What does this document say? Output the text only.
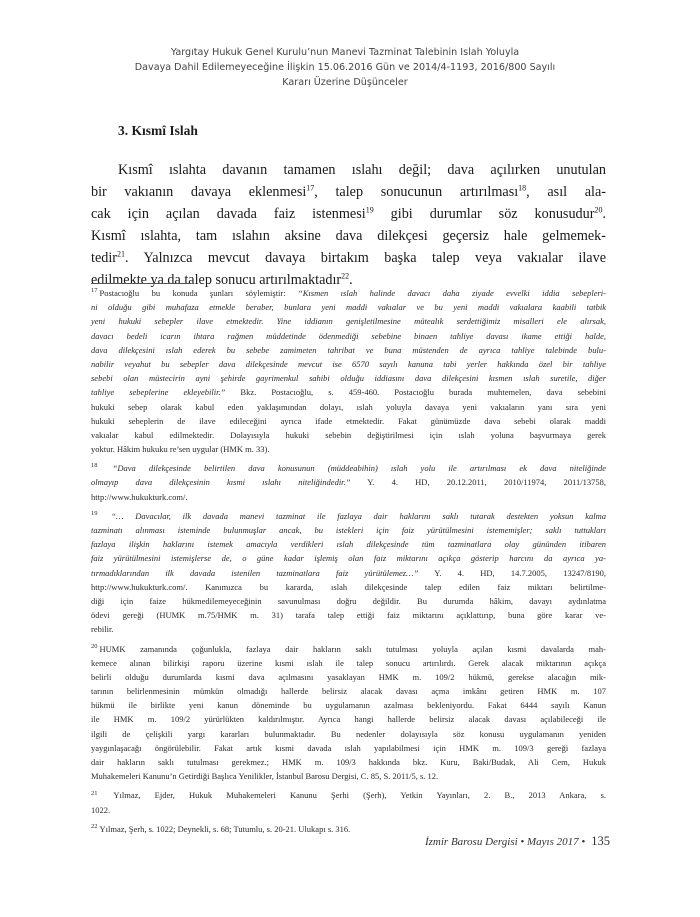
Yargıtay Hukuk Genel Kurulu’nun Manevi Tazminat Talebinin Islah Yoluyla
Davaya Dahil Edilemeyeceğine İlişkin 15.06.2016 Gün ve 2014/4-1193, 2016/800 Sayılı
Kararı Üzerine Düşünceler
3. Kısmî Islah
Kısmî ıslahta davanın tamamen ıslahı değil; dava açılırken unutulan
bir vakıanın davaya eklenmesi$^{17}$, talep sonucunun artırılması$^{18}$, asıl ala-
cak için açılan davada faiz istenmesi$^{19}$ gibi durumlar söz konusudur$^{20}$.
Kısmî ıslahta, tam ıslahın aksine dava dilekçesi geçersiz hale gelmemek-
tedir$^{21}$. Yalnızca mevcut davaya birtakım başka talep veya vakıalar ilave
edilmekte ya da talep sonucu artırılmaktadır$^{22}$.
$^{17}$ Postacıoğlu bu konuda şunları söylemiştir: “Kısmen ıslah halinde davacı daha ziyade evvelki iddia sebepleri-
ni olduğu gibi muhafaza etmekle beraber, bunlara yeni maddi vakıalar ve bu yeni maddi vakıalara kaabili tatbik
yeni hukuki sebepler ilave etmektedir. Yine iddianın genişletilmesine mütealık serdettiğimiz misalleri ele alırsak,
davacı bedeli icarın ihtara rağmen müddetinde ödenmediği sebebine binaen tahliye davası ikame ettiği halde,
dava dilekçesini ıslah ederek bu sebebe zamimeten tahribat ve buna müstenden de ayrıca tahliye talebinde bulu-
nabilir veyahut bu sebepler dava dilekçesinde mevcut ise 6570 sayılı kanuna tabi yerler hakkında özel bir tahliye
sebebi olan müstecirin ayni şehirde gayrimenkul sahibi olduğu iddiasını dava dilekçesini kısmen ıslah suretile, diğer
tahliye sebeplerine ekleyebilir.” Bkz. Postacıoğlu, s. 459-460. Postacıoğlu burada muhtemelen, dava sebebini
hukuki sebep olarak kabul eden yaklaşımından dolayı, ıslah yoluyla davaya yeni vakıaların yanı sıra yeni
hukuki sebeplerin de ilave edileceğini ayrıca ifade etmektedir. Fakat günümüzde dava sebebi olarak maddi
vakıalar kabul edilmektedir. Dolayısıyla hukuki sebebin değiştirilmesi için ıslah yoluna başvurmaya gerek
yoktur. Hâkim hukuku re’sen uygular (HMK m. 33).
$^{18}$ “Dava dilekçesinde belirtilen dava konusunun (müddeabihin) ıslah yolu ile artırılması ek dava niteliğinde
olmayıp dava dilekçesinin kısmi ıslahı niteliğindedir.” Y. 4. HD, 20.12.2011, 2010/11974, 2011/13758,
http://www.hukukturk.com/.
$^{19}$ “… Davacılar, ilk davada manevi tazminat ile fazlaya dair haklarını saklı tutarak destekten yoksun kalma
tazminatı alınması isteminde bulunmuşlar ancak, bu istekleri için faiz yürütülmesini istememişler; saklı tuttukları
fazlaya ilişkin haklarını istemek amacıyla verdikleri ıslah dilekçesinde tüm tazminatlara olay gününden itibaren
faiz yürütülmesini istemişlerse de, o güne kadar işlemiş olan faiz miktarını açıkça gösterip harcını da ayrıca ya-
tırmadıklarından ilk davada istenilen tazminatlara faiz yürütülemez…” Y. 4. HD, 14.7.2005, 13247/8190,
http://www.hukukturk.com/. Kanımızca bu kararda, ıslah dilekçesinde talep edilen faiz miktarı belirtilme-
diği için faize hükmedilemeyeceğinin savunulması doğru değildir. Bu durumda hâkim, davayı aydınlatma
ödevi gereği (HUMK m.75/HMK m. 31) tarafa talep ettiği faiz miktarını açıklattırıp, buna göre karar ve-
rebilir.
$^{20}$ HUMK zamanında çoğunlukla, fazlaya dair hakların saklı tutulması yoluyla açılan kısmi davalarda mah-
kemece alınan bilirkişi raporu üzerine kısmi ıslah ile talep sonucu artırılırdı. Gerek alacak miktarının açıkça
belirli olduğu durumlarda kısmi dava açılmasını yasaklayan HMK m. 109/2 hükmü, gerekse alacağın mik-
tarının belirlenmesinin mümkün olmadığı hallerde belirsiz alacak davası açma imkânı getiren HMK m. 107
hükmü ile birlikte yeni kanun döneminde bu uygulamanın azalması bekleniyordu. Fakat 6444 sayılı Kanun
ile HMK m. 109/2 yürürlükten kaldırılmıştır. Ayrıca hangi hallerde belirsiz alacak davası açılabileceği ile
ilgili de çelişkili yargı kararları bulunmaktadır. Bu nedenler dolayısıyla söz konusu uygulamanın yeniden
yaygınlaşacağı öngörülebilir. Fakat artık kısmi davada ıslah yapılabilmesi için HMK m. 109/3 gereği fazlaya
dair hakların saklı tutulması gerekmez.; HMK m. 109/3 hakkında bkz. Kuru, Baki/Budak, Ali Cem, Hukuk
Muhakemeleri Kanunu’n Getirdiği Başlıca Yenilikler, İstanbul Barosu Dergisi, C. 85, S. 2011/5, s. 12.
$^{21}$ Yılmaz, Ejder, Hukuk Muhakemeleri Kanunu Şerhi (Şerh), Yetkin Yayınları, 2. B., 2013 Ankara, s.
1022.
$^{22}$ Yılmaz, Şerh, s. 1022; Deynekli, s. 68; Tutumlu, s. 20-21. Ulukapı s. 316.
İzmir Barosu Dergisi • Mayıs 2017 • 135
